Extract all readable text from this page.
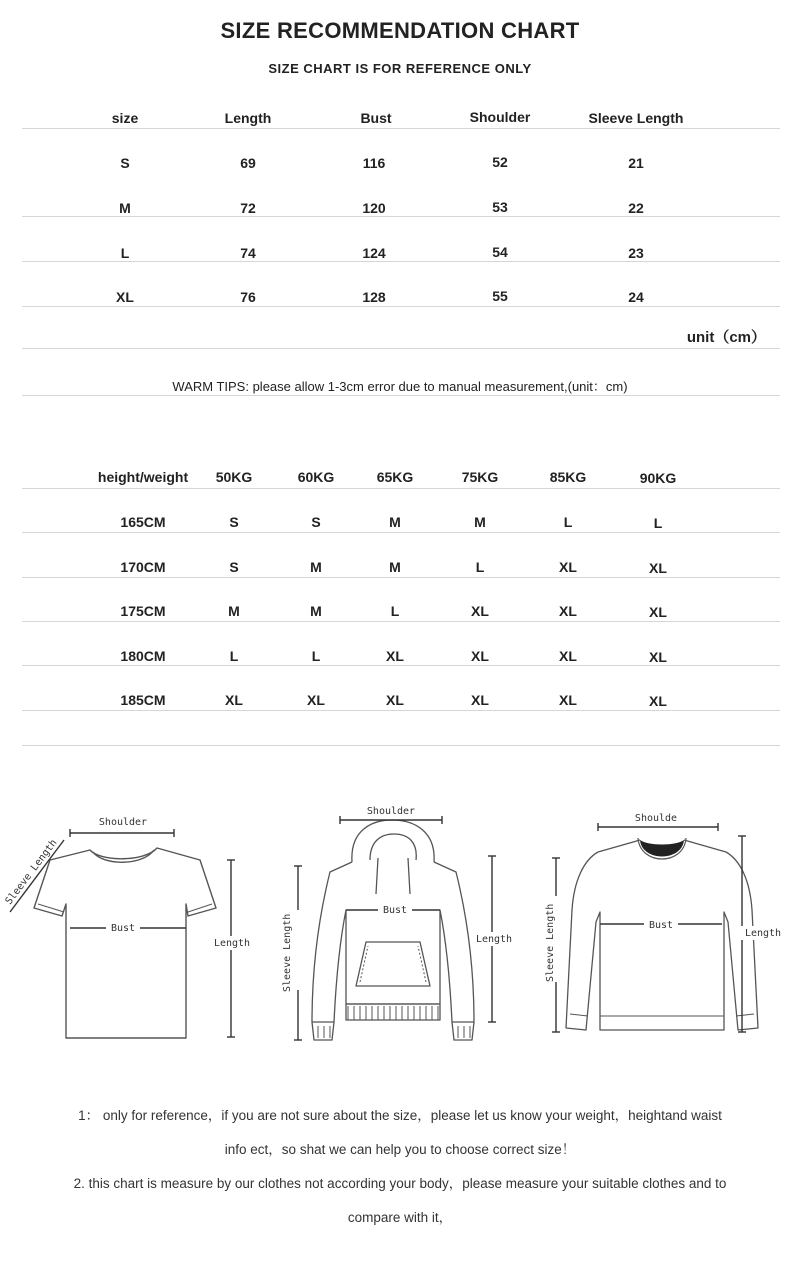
SIZE RECOMMENDATION CHART
SIZE CHART IS FOR REFERENCE ONLY
size	Length	Bust	Shoulder	Sleeve Length
S	69	116	52	21
M	72	120	53	22
L	74	124	54	23
XL	76	128	55	24
unit（cm）
WARM TIPS: please allow 1-3cm error due to manual measurement,(unit：cm)
height/weight	50KG	60KG	65KG	75KG	85KG	90KG
165CM	S	S	M	M	L	L
170CM	S	M	M	L	XL	XL
175CM	M	M	L	XL	XL	XL
180CM	L	L	XL	XL	XL	XL
185CM	XL	XL	XL	XL	XL	XL
Shoulder
Bust
Length
Sleeve Length
Shoulder
Bust
Length
Sleeve Length
Shoulde
Bust
Length
Sleeve Length
1： only for reference，if you are not sure about the size，please let us know your weight，heightand waist
info ect，so shat we can help you to choose correct size！
2. this chart is measure by our clothes not according your body，please measure your suitable clothes and to
compare with it，
